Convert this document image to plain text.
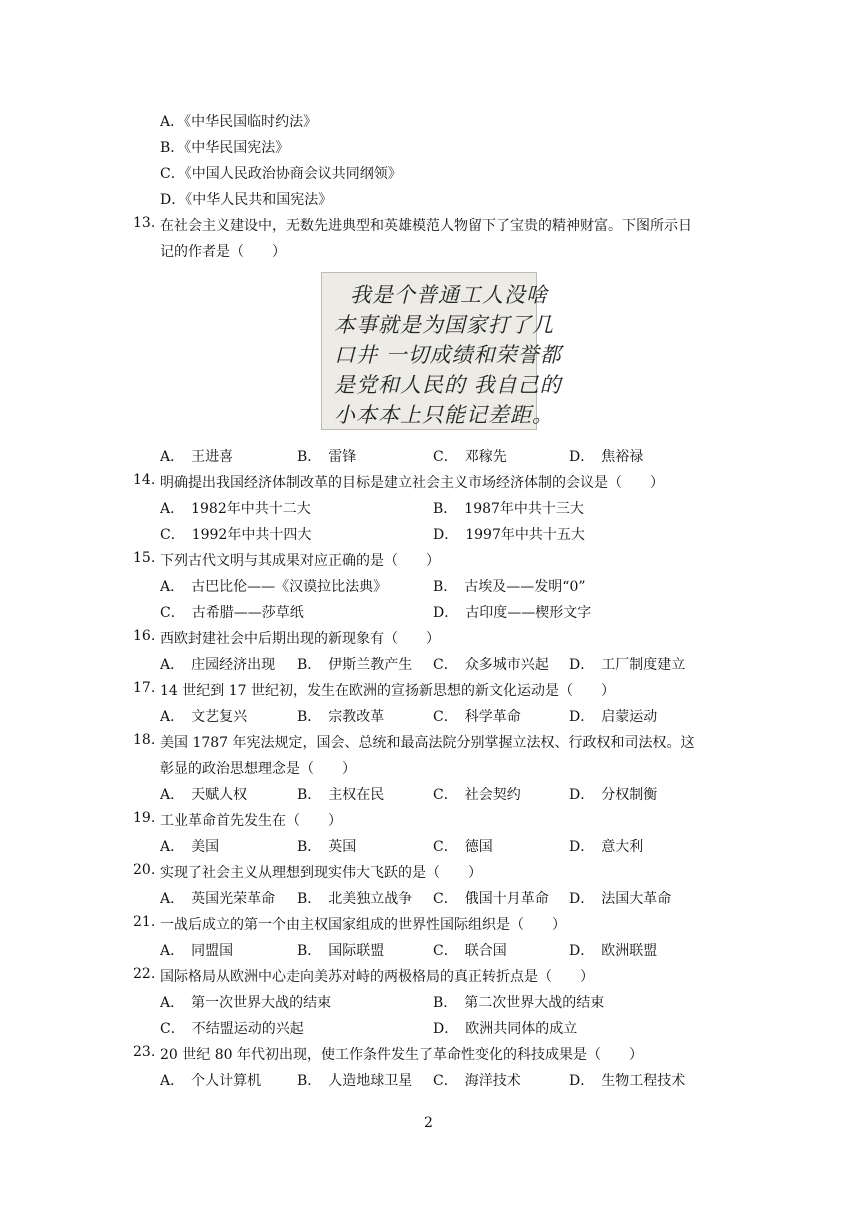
A．《中华民国临时约法》
B．《中华民国宪法》
C．《中国人民政治协商会议共同纲领》
D．《中华人民共和国宪法》
13. 在社会主义建设中，无数先进典型和英雄模范人物留下了宝贵的精神财富。下图所示日
记的作者是（　　）
我是个普通工人没啥
本事就是为国家打了几
口井 一切成绩和荣誉都
是党和人民的 我自己的
小本本上只能记差距。
A．　王进喜	B．　雷锋	C．　邓稼先	D．　焦裕禄
14. 明确提出我国经济体制改革的目标是建立社会主义市场经济体制的会议是（　　）
A．　1982年中共十二大	B．　1987年中共十三大
C．　1992年中共十四大	D．　1997年中共十五大
15. 下列古代文明与其成果对应正确的是（　　）
A．　古巴比伦——《汉谟拉比法典》	B．　古埃及——发明“0”
C．　古希腊——莎草纸	D．　古印度——楔形文字
16. 西欧封建社会中后期出现的新现象有（　　）
A．　庄园经济出现 B．　伊斯兰教产生 C．　众多城市兴起 D．　工厂制度建立
17. 14 世纪到 17 世纪初，发生在欧洲的宣扬新思想的新文化运动是（　　）
A．　文艺复兴	B．　宗教改革	C．　科学革命	D．　启蒙运动
18. 美国 1787 年宪法规定，国会、总统和最高法院分别掌握立法权、行政权和司法权。这
彰显的政治思想理念是（　　）
A．　天赋人权	B．　主权在民	C．　社会契约	D．　分权制衡
19. 工业革命首先发生在（　　）
A．　美国	B．　英国	C．　德国	D．　意大利
20. 实现了社会主义从理想到现实伟大飞跃的是（　　）
A．　英国光荣革命 B．　北美独立战争 C．　俄国十月革命 D．　法国大革命
21. 一战后成立的第一个由主权国家组成的世界性国际组织是（　　）
A．　同盟国	B．　国际联盟	C．　联合国	D．　欧洲联盟
22. 国际格局从欧洲中心走向美苏对峙的两极格局的真正转折点是（　　）
A．　第一次世界大战的结束	B．　第二次世界大战的结束
C．　不结盟运动的兴起	D．　欧洲共同体的成立
23. 20 世纪 80 年代初出现，使工作条件发生了革命性变化的科技成果是（　　）
A．　个人计算机	B．　人造地球卫星 C．　海洋技术	D．　生物工程技术
2
